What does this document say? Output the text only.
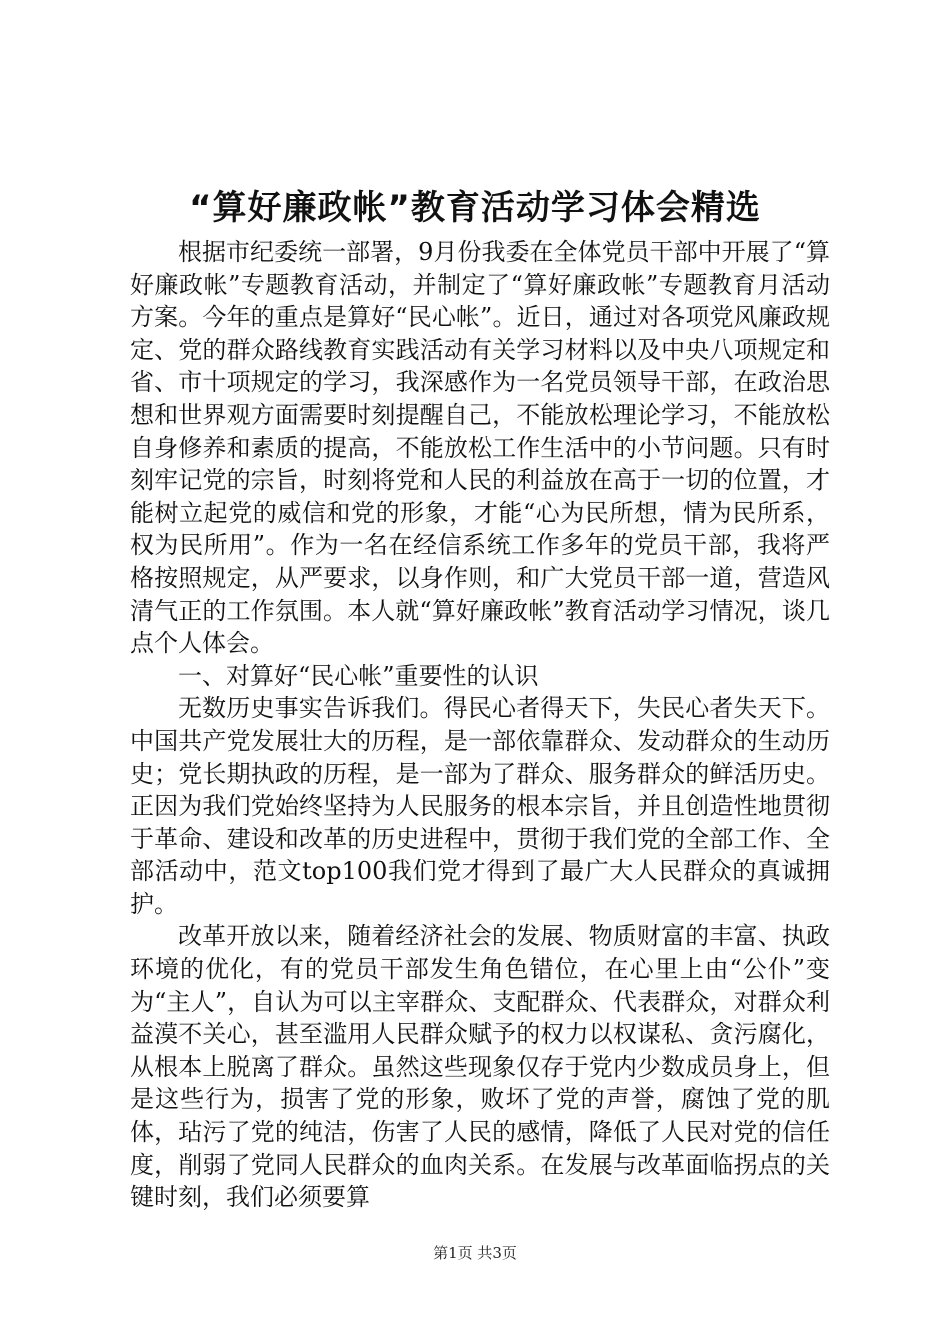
“算好廉政帐”教育活动学习体会精选

根据市纪委统一部署，9月份我委在全体党员干部中开展了“算好廉政帐”专题教育活动，并制定了“算好廉政帐”专题教育月活动方案。今年的重点是算好“民心帐”。近日，通过对各项党风廉政规定、党的群众路线教育实践活动有关学习材料以及中央八项规定和省、市十项规定的学习，我深感作为一名党员领导干部，在政治思想和世界观方面需要时刻提醒自己，不能放松理论学习，不能放松自身修养和素质的提高，不能放松工作生活中的小节问题。只有时刻牢记党的宗旨，时刻将党和人民的利益放在高于一切的位置，才能树立起党的威信和党的形象，才能“心为民所想，情为民所系，权为民所用”。作为一名在经信系统工作多年的党员干部，我将严格按照规定，从严要求，以身作则，和广大党员干部一道，营造风清气正的工作氛围。本人就“算好廉政帐”教育活动学习情况，谈几点个人体会。

一、对算好“民心帐”重要性的认识

无数历史事实告诉我们。得民心者得天下，失民心者失天下。中国共产党发展壮大的历程，是一部依靠群众、发动群众的生动历史；党长期执政的历程，是一部为了群众、服务群众的鲜活历史。正因为我们党始终坚持为人民服务的根本宗旨，并且创造性地贯彻于革命、建设和改革的历史进程中，贯彻于我们党的全部工作、全部活动中，范文top100我们党才得到了最广大人民群众的真诚拥护。

改革开放以来，随着经济社会的发展、物质财富的丰富、执政环境的优化，有的党员干部发生角色错位，在心里上由“公仆”变为“主人”，自认为可以主宰群众、支配群众、代表群众，对群众利益漠不关心，甚至滥用人民群众赋予的权力以权谋私、贪污腐化，从根本上脱离了群众。虽然这些现象仅存于党内少数成员身上，但是这些行为，损害了党的形象，败坏了党的声誉，腐蚀了党的肌体，玷污了党的纯洁，伤害了人民的感情，降低了人民对党的信任度，削弱了党同人民群众的血肉关系。在发展与改革面临拐点的关键时刻，我们必须要算

第1页 共3页
